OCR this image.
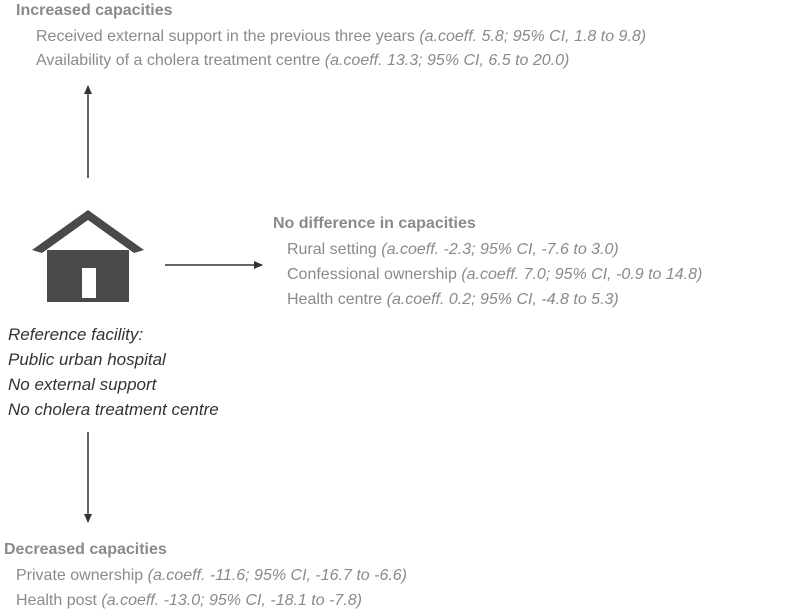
Increased capacities
Received external support in the previous three years (a.coeff. 5.8; 95% CI, 1.8 to 9.8)
Availability of a cholera treatment centre (a.coeff. 13.3; 95% CI, 6.5 to 20.0)
No difference in capacities
Rural setting (a.coeff. -2.3; 95% CI, -7.6 to 3.0)
Confessional ownership (a.coeff. 7.0; 95% CI, -0.9 to 14.8)
Health centre (a.coeff. 0.2; 95% CI, -4.8 to 5.3)
Reference facility:
Public urban hospital
No external support
No cholera treatment centre
Decreased capacities
Private ownership (a.coeff. -11.6; 95% CI, -16.7 to -6.6)
Health post (a.coeff. -13.0; 95% CI, -18.1 to -7.8)
